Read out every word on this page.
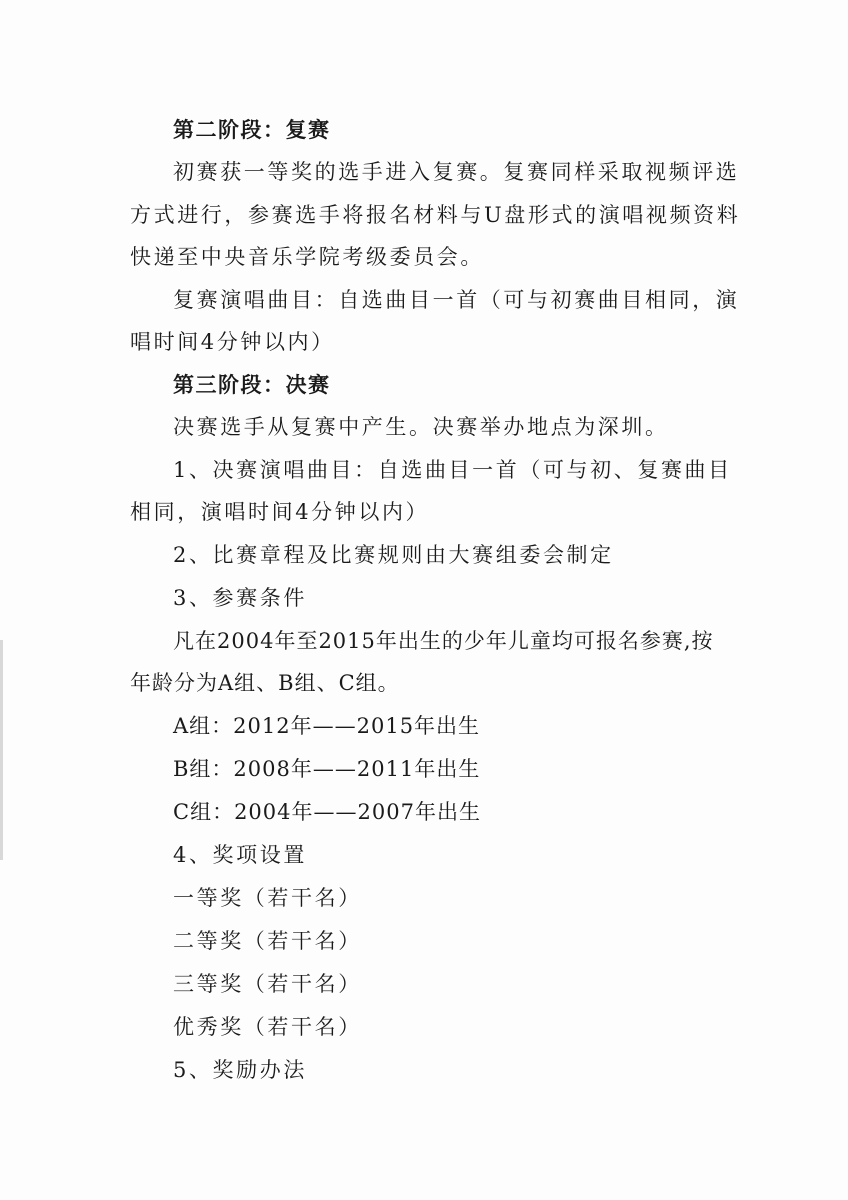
第二阶段：复赛
初赛获一等奖的选手进入复赛。复赛同样采取视频评选
方式进行，参赛选手将报名材料与U盘形式的演唱视频资料
快递至中央音乐学院考级委员会。
复赛演唱曲目：自选曲目一首（可与初赛曲目相同，演
唱时间4分钟以内）
第三阶段：决赛
决赛选手从复赛中产生。决赛举办地点为深圳。
1、决赛演唱曲目：自选曲目一首（可与初、复赛曲目
相同，演唱时间4分钟以内）
2、比赛章程及比赛规则由大赛组委会制定
3、参赛条件
凡在2004年至2015年出生的少年儿童均可报名参赛,按
年龄分为A组、B组、C组。
A组：2012年——2015年出生
B组：2008年——2011年出生
C组：2004年——2007年出生
4、奖项设置
一等奖（若干名）
二等奖（若干名）
三等奖（若干名）
优秀奖（若干名）
5、奖励办法
